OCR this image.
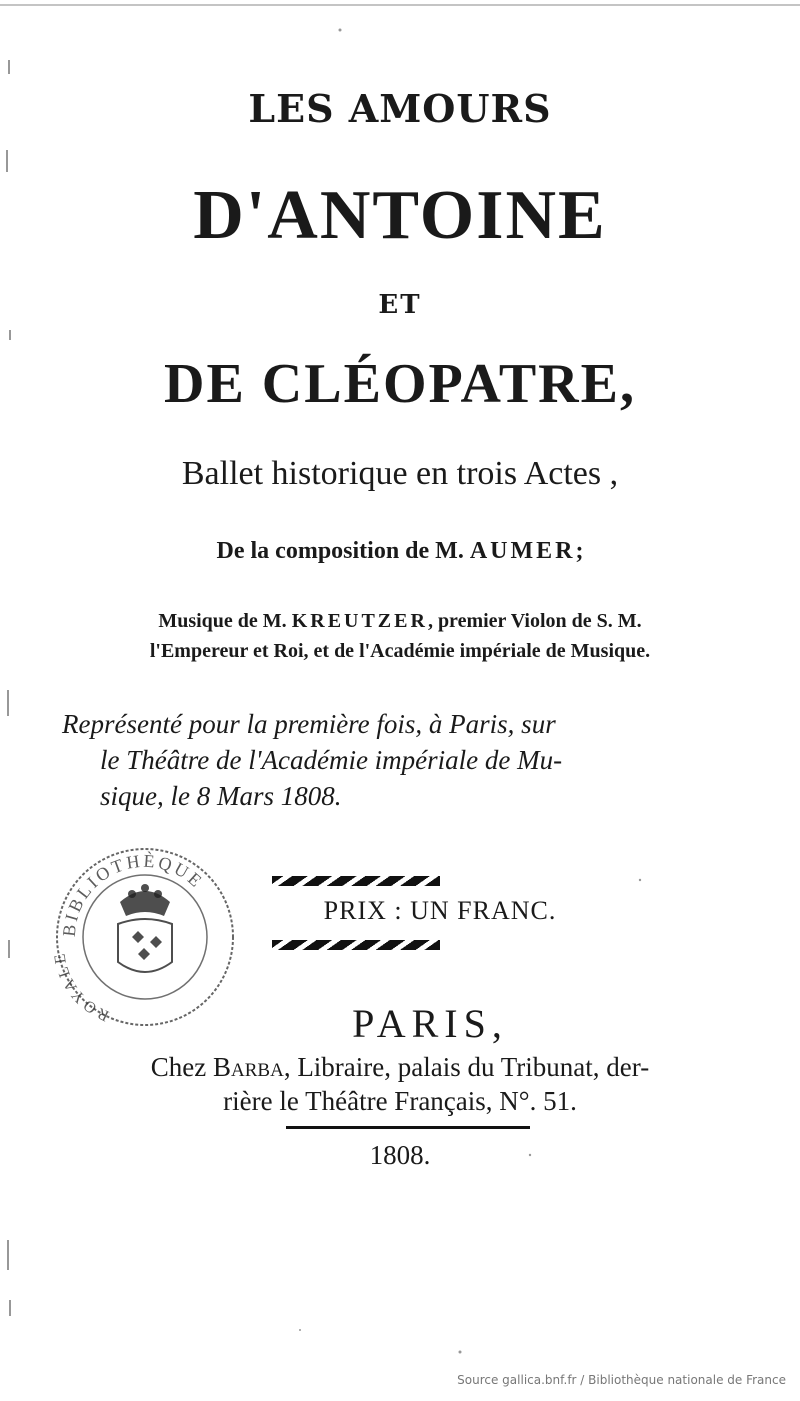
LES AMOURS
D'ANTOINE
ET
DE CLÉOPATRE,
Ballet historique en trois Actes ,
De la composition de M. AUMER;
Musique de M. KREUTZER, premier Violon de S. M.
l'Empereur et Roi, et de l'Académie impériale de Musique.
Représenté pour la première fois, à Paris, sur
le Théâtre de l'Académie impériale de Mu-
sique, le 8 Mars 1808.
PRIX : UN FRANC.
BIBLIOTHÈQUE
ROYALE
PARIS,
Chez Barba, Libraire, palais du Tribunat, der-
rière le Théâtre Français, N°. 51.
1808.
Source gallica.bnf.fr / Bibliothèque nationale de France
